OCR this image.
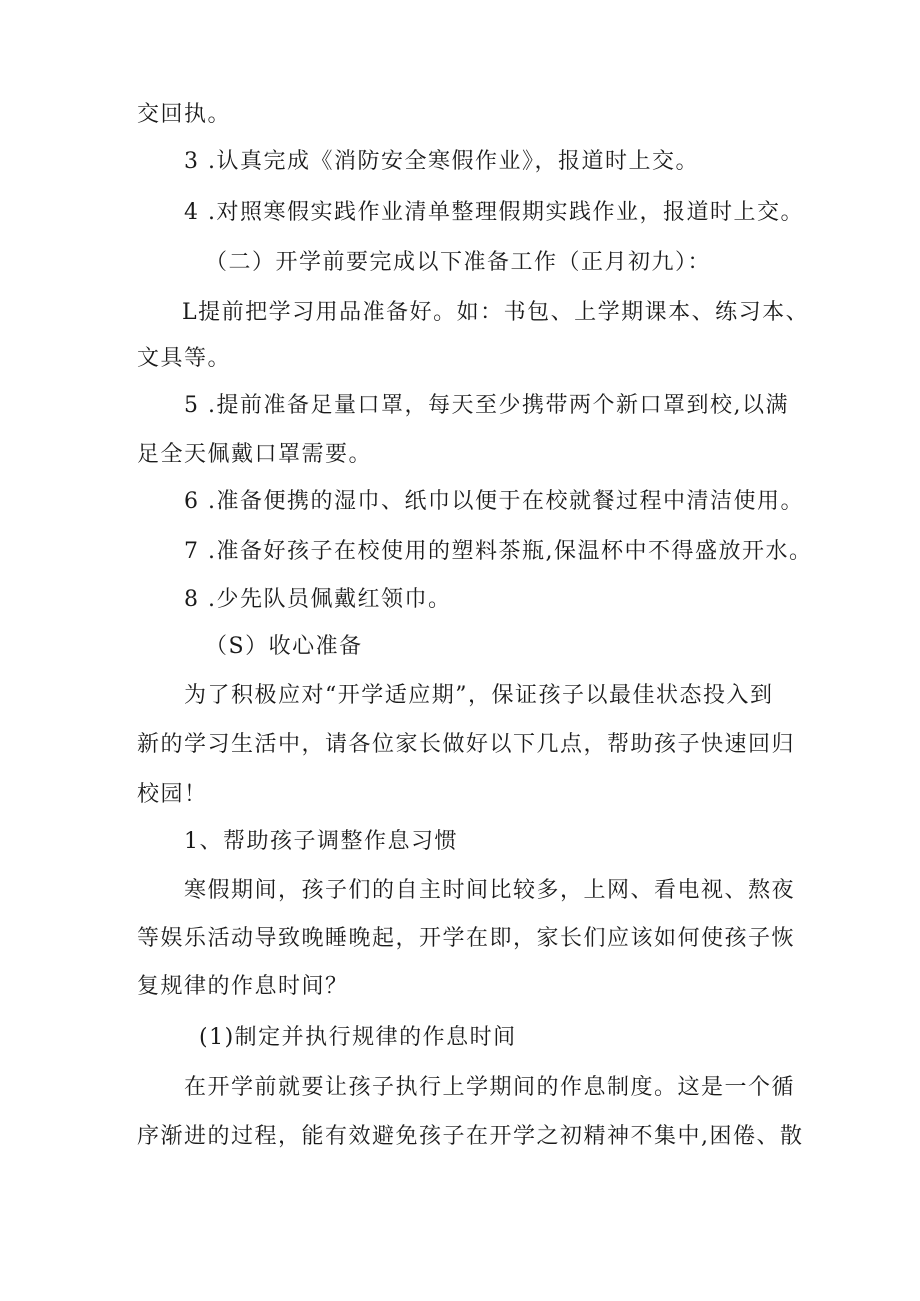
交回执。
3 .认真完成《消防安全寒假作业》，报道时上交。
4 .对照寒假实践作业清单整理假期实践作业，报道时上交。
（二）开学前要完成以下准备工作（正月初九）：
L提前把学习用品准备好。如：书包、上学期课本、练习本、
文具等。
5 .提前准备足量口罩，每天至少携带两个新口罩到校,以满
足全天佩戴口罩需要。
6 .准备便携的湿巾、纸巾以便于在校就餐过程中清洁使用。
7 .准备好孩子在校使用的塑料茶瓶,保温杯中不得盛放开水。
8 .少先队员佩戴红领巾。
（S）收心准备
为了积极应对“开学适应期”，保证孩子以最佳状态投入到
新的学习生活中，请各位家长做好以下几点，帮助孩子快速回归
校园！
1、帮助孩子调整作息习惯
寒假期间，孩子们的自主时间比较多，上网、看电视、熬夜
等娱乐活动导致晚睡晚起，开学在即，家长们应该如何使孩子恢
复规律的作息时间？
(1)制定并执行规律的作息时间
在开学前就要让孩子执行上学期间的作息制度。这是一个循
序渐进的过程，能有效避免孩子在开学之初精神不集中,困倦、散
